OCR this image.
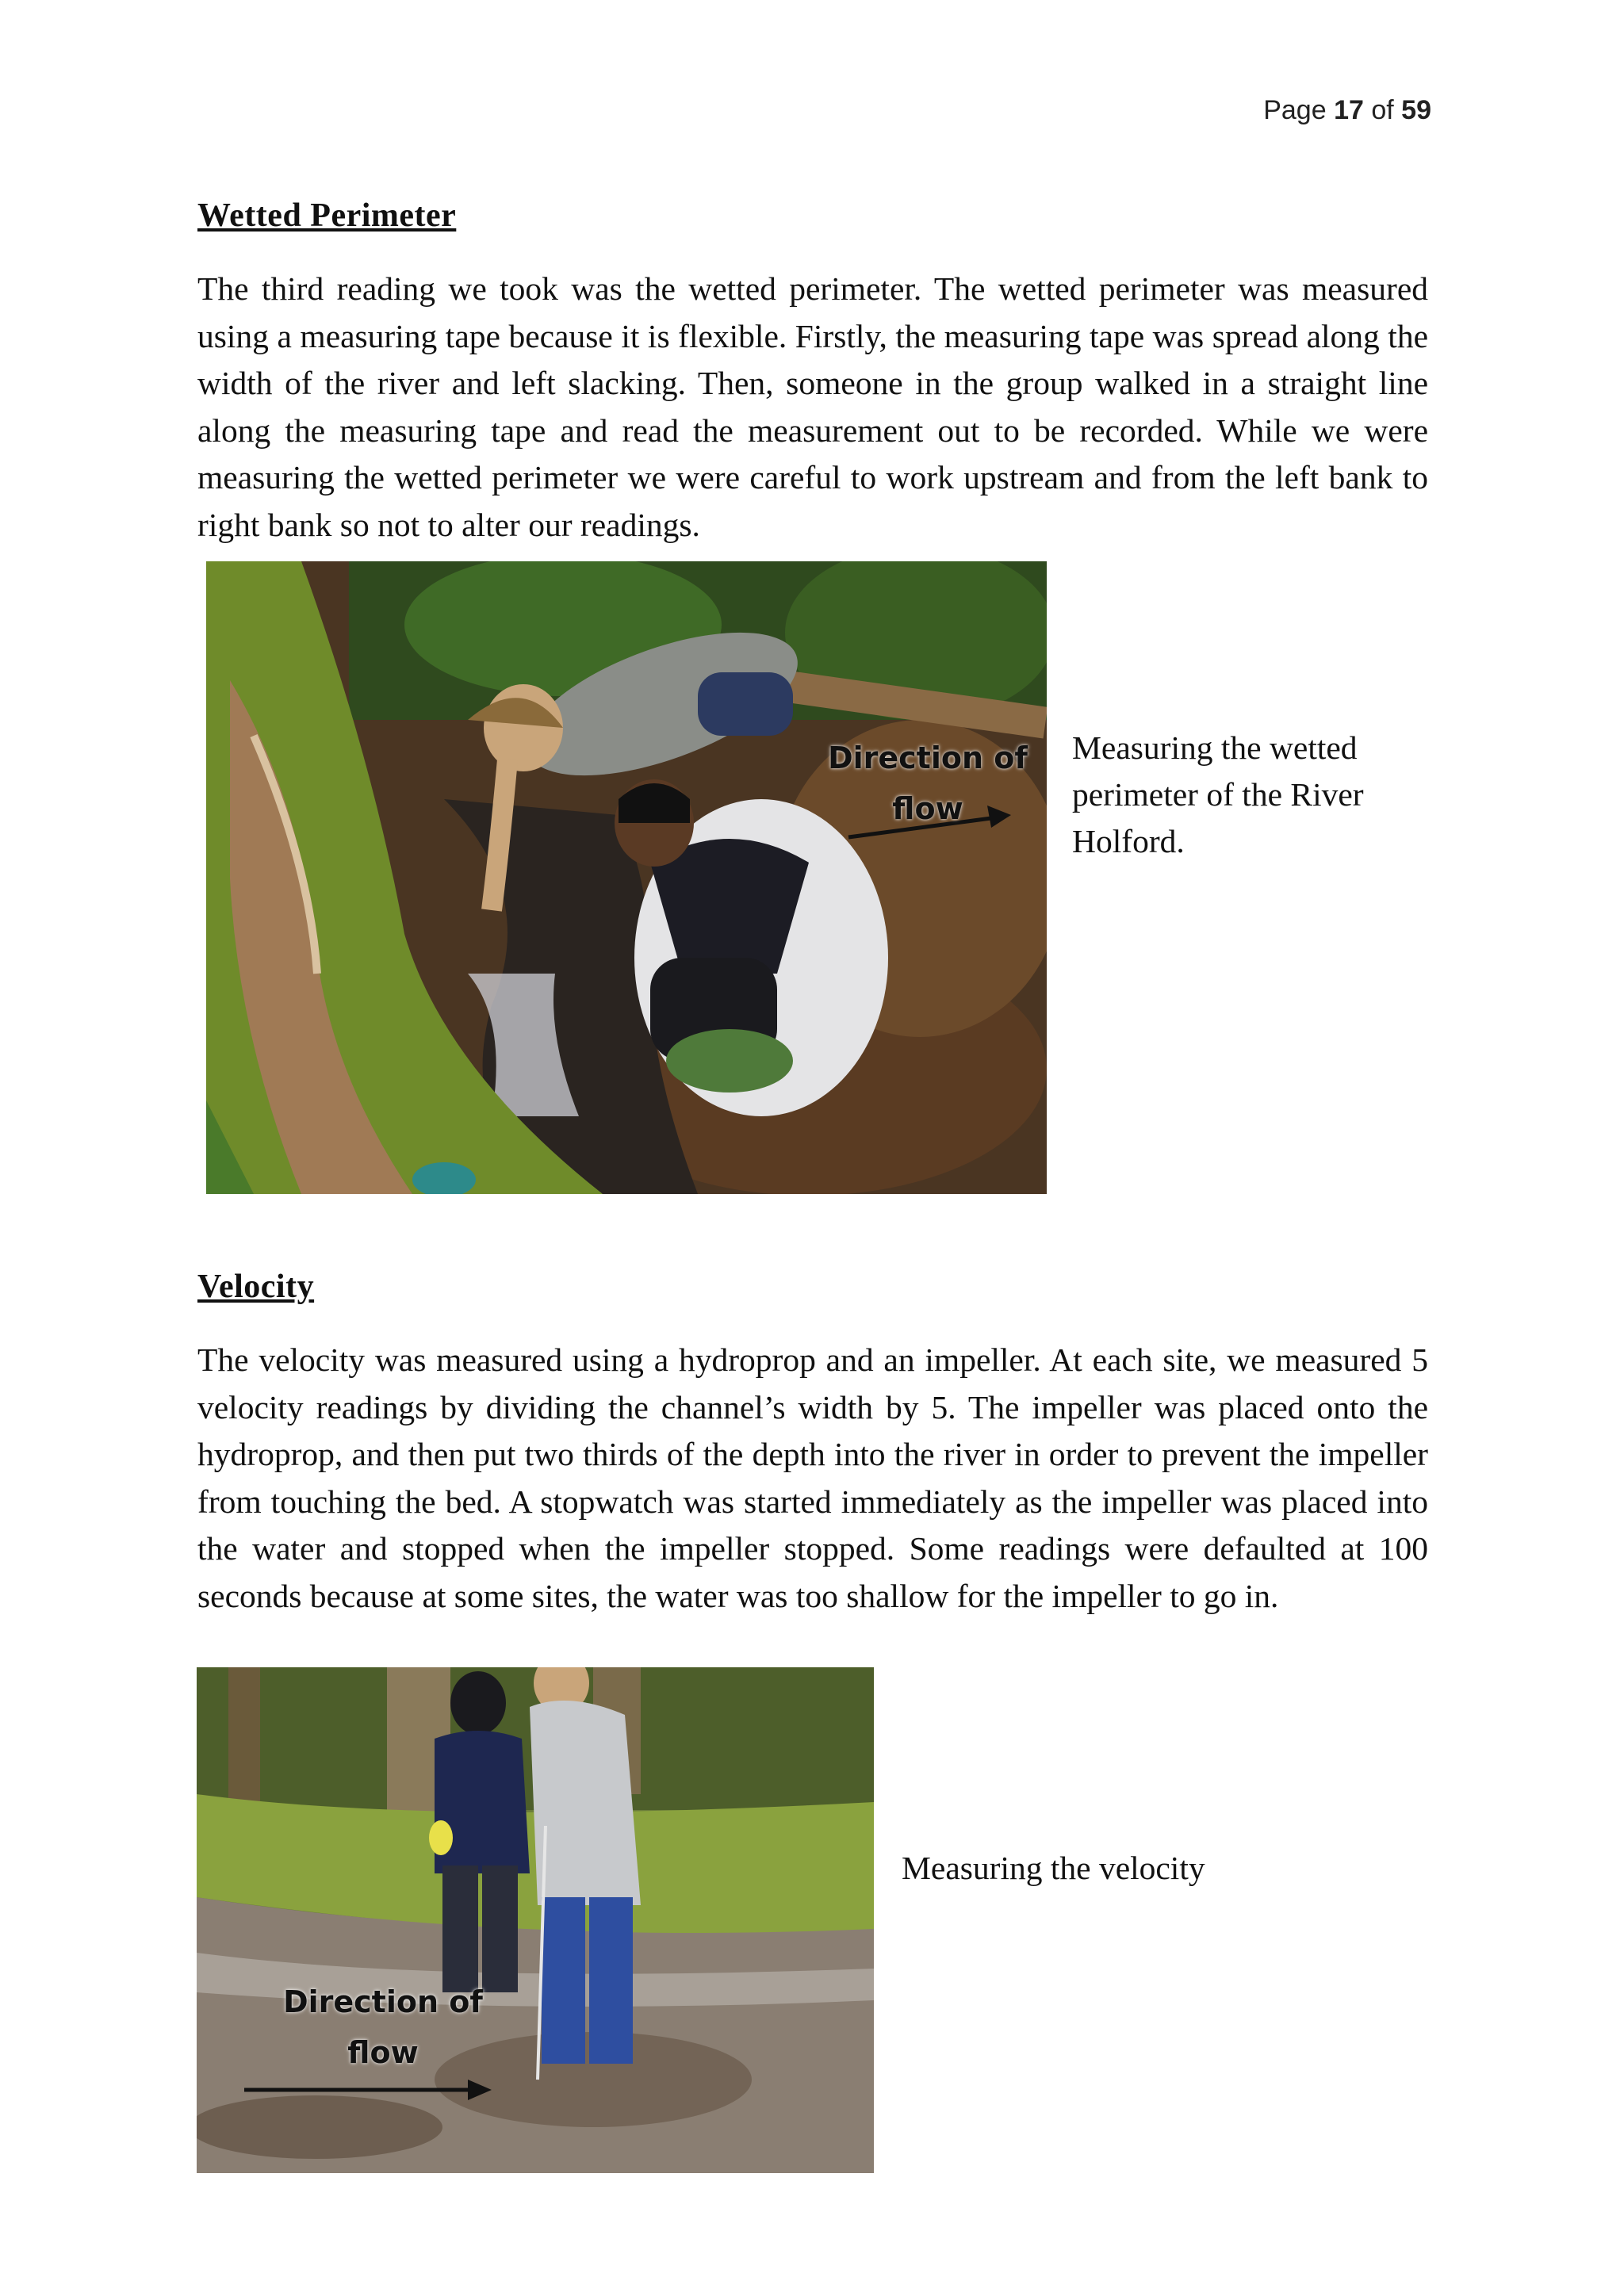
Page 17 of 59
Wetted Perimeter

The third reading we took was the wetted perimeter. The wetted perimeter was measured using a measuring tape because it is flexible. Firstly, the measuring tape was spread along the width of the river and left slacking. Then, someone in the group walked in a straight line along the measuring tape and read the measurement out to be recorded. While we were measuring the wetted perimeter we were careful to work upstream and from the left bank to right bank so not to alter our readings.

Direction of
flow
Measuring the wetted perimeter of the River Holford.
Velocity

The velocity was measured using a hydroprop and an impeller. At each site, we measured 5 velocity readings by dividing the channel’s width by 5. The impeller was placed onto the hydroprop, and then put two thirds of the depth into the river in order to prevent the impeller from touching the bed. A stopwatch was started immediately as the impeller was placed into the water and stopped when the impeller stopped. Some readings were defaulted at 100 seconds because at some sites, the water was too shallow for the impeller to go in.

Direction of
flow
Measuring the velocity
